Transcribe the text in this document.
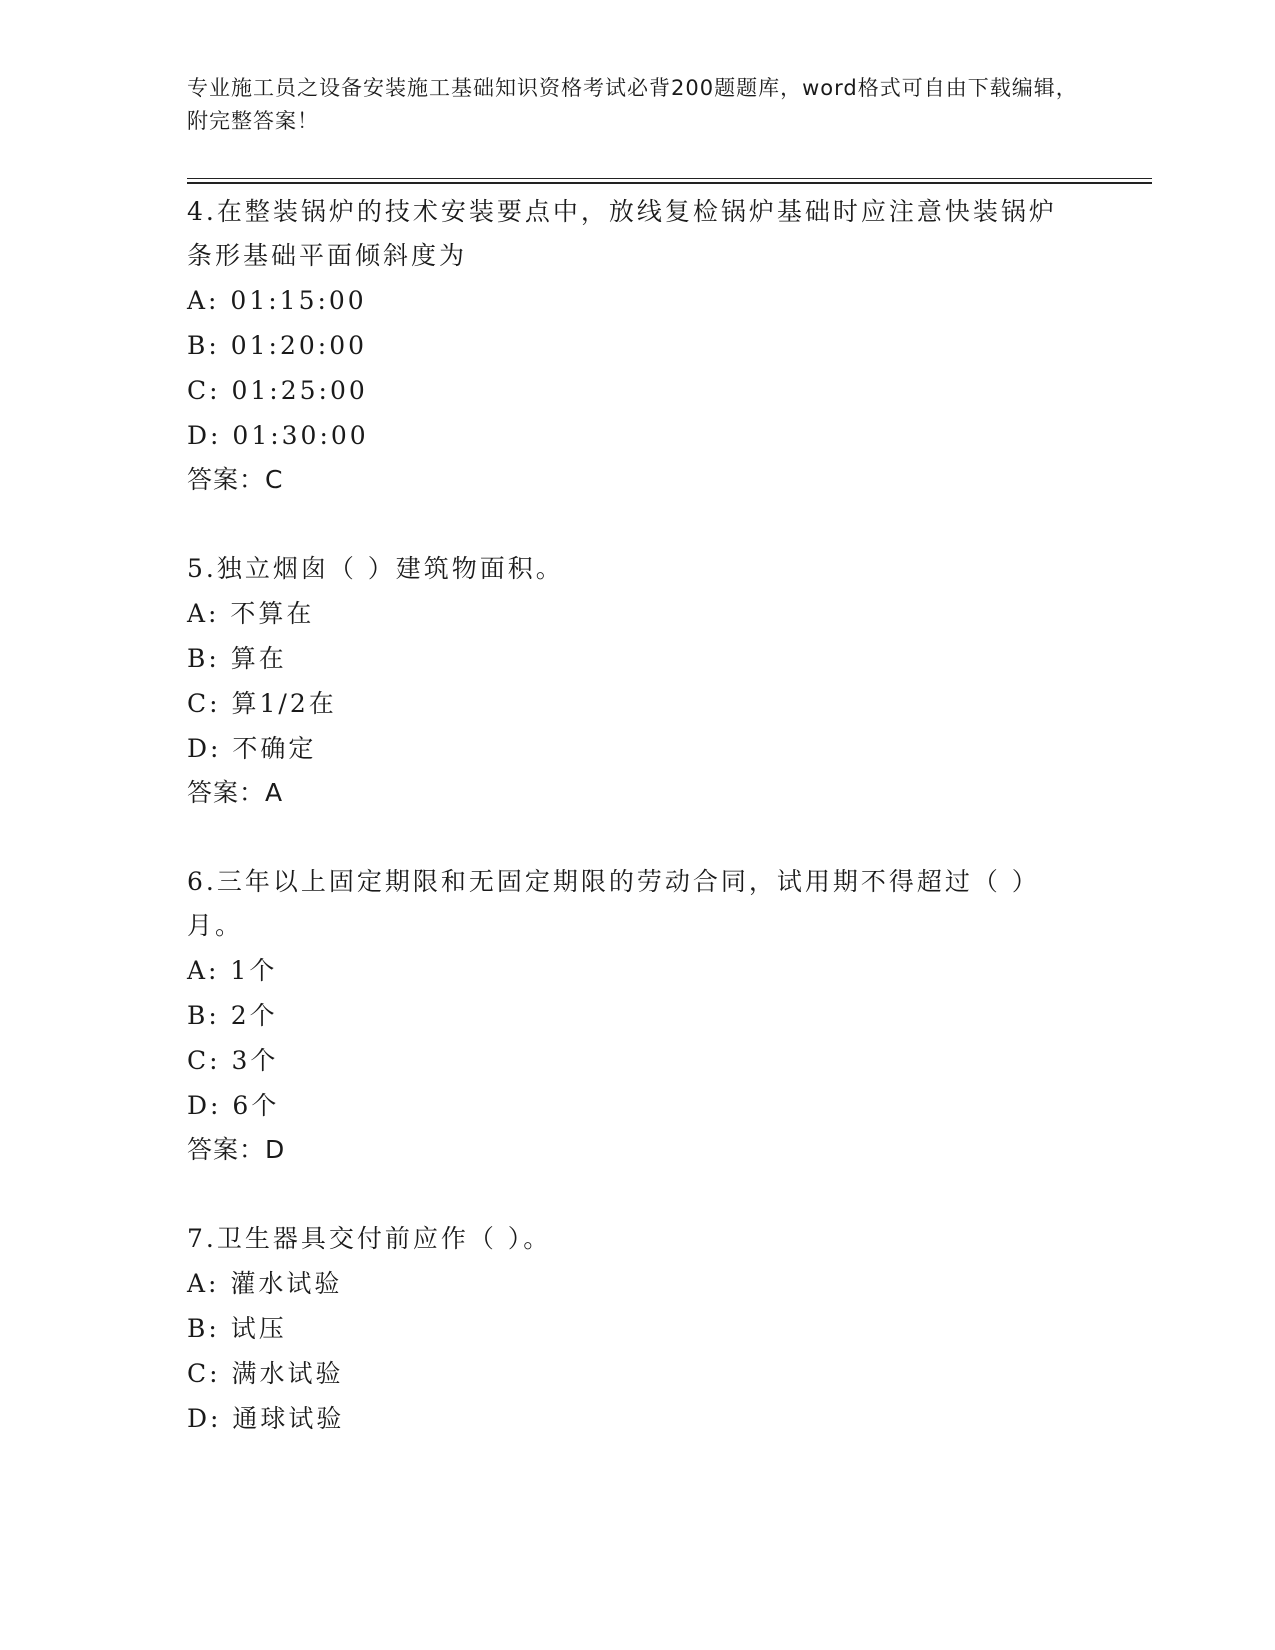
专业施工员之设备安装施工基础知识资格考试必背200题题库，word格式可自由下载编辑，附完整答案！

4.在整装锅炉的技术安装要点中，放线复检锅炉基础时应注意快装锅炉条形基础平面倾斜度为

A: 01:15:00

B: 01:20:00

C: 01:25:00

D: 01:30:00

答案：C

5.独立烟囱（ ）建筑物面积。

A: 不算在

B: 算在

C: 算1/2在

D: 不确定

答案：A

6.三年以上固定期限和无固定期限的劳动合同，试用期不得超过（ ）月。

A: 1个

B: 2个

C: 3个

D: 6个

答案：D

7.卫生器具交付前应作（ ）。

A: 灌水试验

B: 试压

C: 满水试验

D: 通球试验
